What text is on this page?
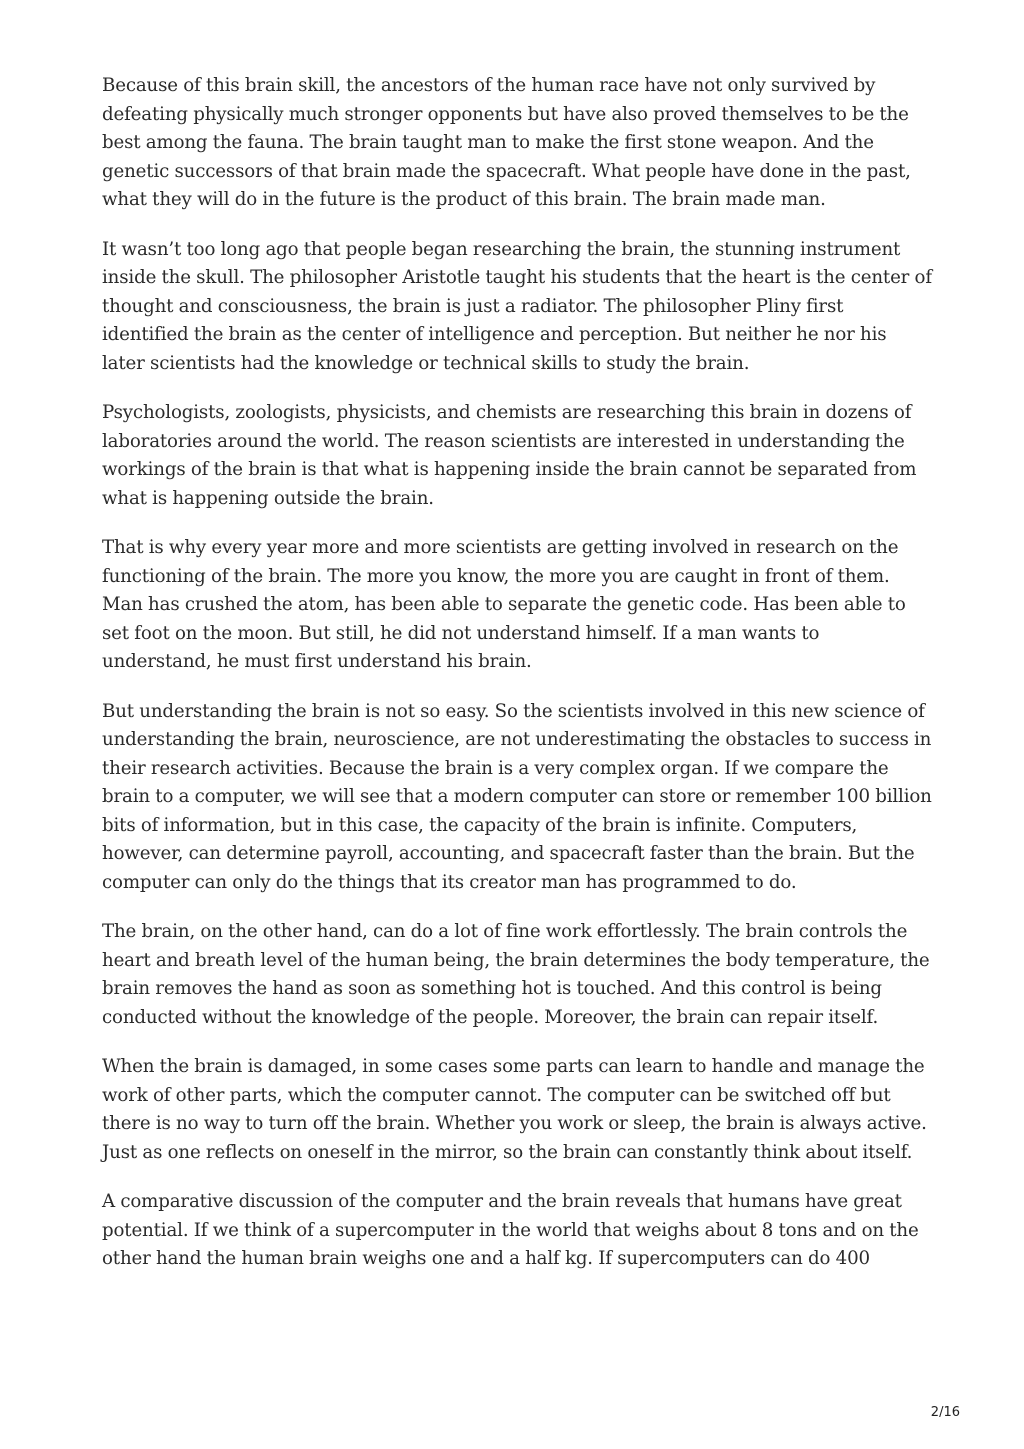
Because of this brain skill, the ancestors of the human race have not only survived by defeating physically much stronger opponents but have also proved themselves to be the best among the fauna. The brain taught man to make the first stone weapon. And the genetic successors of that brain made the spacecraft. What people have done in the past, what they will do in the future is the product of this brain. The brain made man.

It wasn’t too long ago that people began researching the brain, the stunning instrument inside the skull. The philosopher Aristotle taught his students that the heart is the center of thought and consciousness, the brain is just a radiator. The philosopher Pliny first identified the brain as the center of intelligence and perception. But neither he nor his later scientists had the knowledge or technical skills to study the brain.

Psychologists, zoologists, physicists, and chemists are researching this brain in dozens of laboratories around the world. The reason scientists are interested in understanding the workings of the brain is that what is happening inside the brain cannot be separated from what is happening outside the brain.

That is why every year more and more scientists are getting involved in research on the functioning of the brain. The more you know, the more you are caught in front of them. Man has crushed the atom, has been able to separate the genetic code. Has been able to set foot on the moon. But still, he did not understand himself. If a man wants to understand, he must first understand his brain.

But understanding the brain is not so easy. So the scientists involved in this new science of understanding the brain, neuroscience, are not underestimating the obstacles to success in their research activities. Because the brain is a very complex organ. If we compare the brain to a computer, we will see that a modern computer can store or remember 100 billion bits of information, but in this case, the capacity of the brain is infinite. Computers, however, can determine payroll, accounting, and spacecraft faster than the brain. But the computer can only do the things that its creator man has programmed to do.

The brain, on the other hand, can do a lot of fine work effortlessly. The brain controls the heart and breath level of the human being, the brain determines the body temperature, the brain removes the hand as soon as something hot is touched. And this control is being conducted without the knowledge of the people. Moreover, the brain can repair itself.

When the brain is damaged, in some cases some parts can learn to handle and manage the work of other parts, which the computer cannot. The computer can be switched off but there is no way to turn off the brain. Whether you work or sleep, the brain is always active. Just as one reflects on oneself in the mirror, so the brain can constantly think about itself.

A comparative discussion of the computer and the brain reveals that humans have great potential. If we think of a supercomputer in the world that weighs about 8 tons and on the other hand the human brain weighs one and a half kg. If supercomputers can do 400

2/16
